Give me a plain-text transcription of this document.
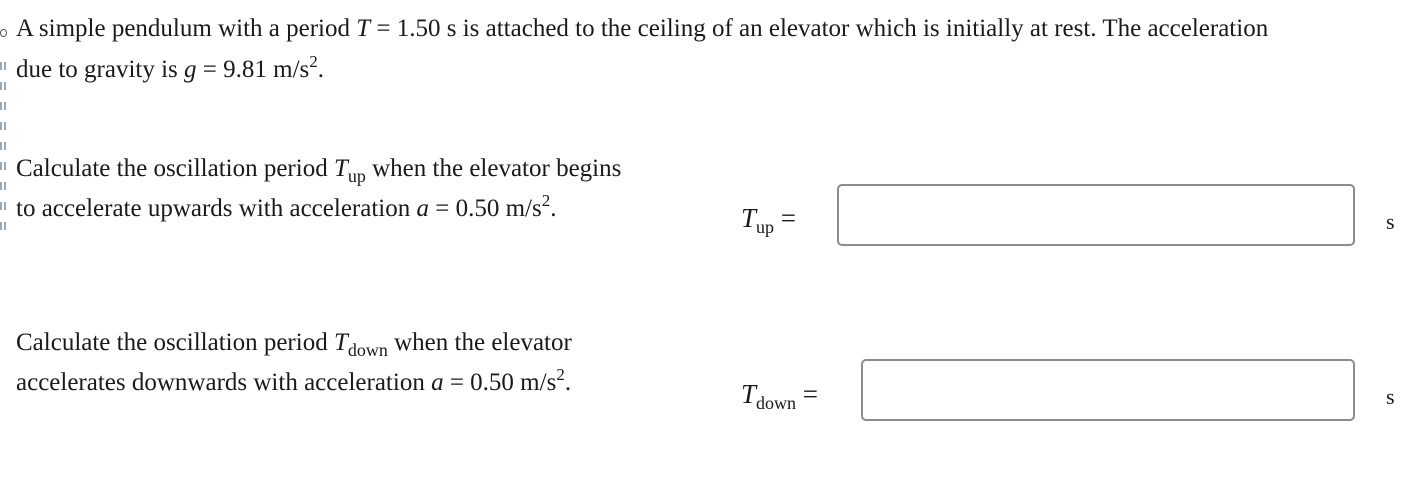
A simple pendulum with a period T = 1.50 s is attached to the ceiling of an elevator which is initially at rest. The acceleration
due to gravity is g = 9.81 $m/s^2$.
Calculate the oscillation period $T_{up}$ when the elevator begins
to accelerate upwards with acceleration a = 0.50 $m/s^2$.	$T_{up}$ =	s
Calculate the oscillation period $T_{down}$ when the elevator
accelerates downwards with acceleration a = 0.50 $m/s^2$.	$T_{down}$ =	s
